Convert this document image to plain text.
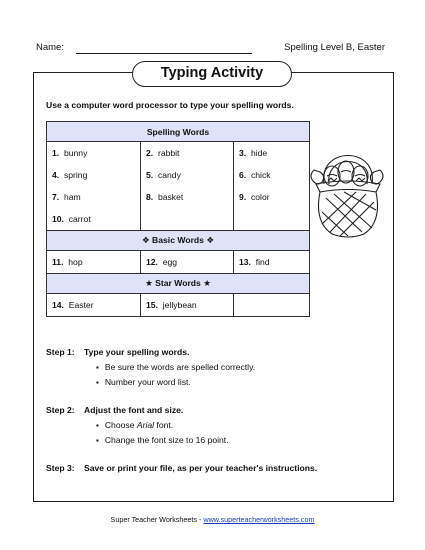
Name:	Spelling Level B, Easter
Typing Activity
Use a computer word processor to type your spelling words.
Spelling Words		
1. bunny	2. rabbit	3. hide
4. spring	5. candy	6. chick
7. ham	8. basket	9. color
10. carrot		
❖ Basic Words ❖		
11. hop	12. egg	13. find
★ Star Words ★		
14. Easter	15. jellybean	
Step 1: Type your spelling words.
▪ Be sure the words are spelled correctly.
▪ Number your word list.
Step 2: Adjust the font and size.
▪ Choose Arial font.
▪ Change the font size to 16 point.
Step 3: Save or print your file, as per your teacher's instructions.
Super Teacher Worksheets - www.superteacherworksheets.com
